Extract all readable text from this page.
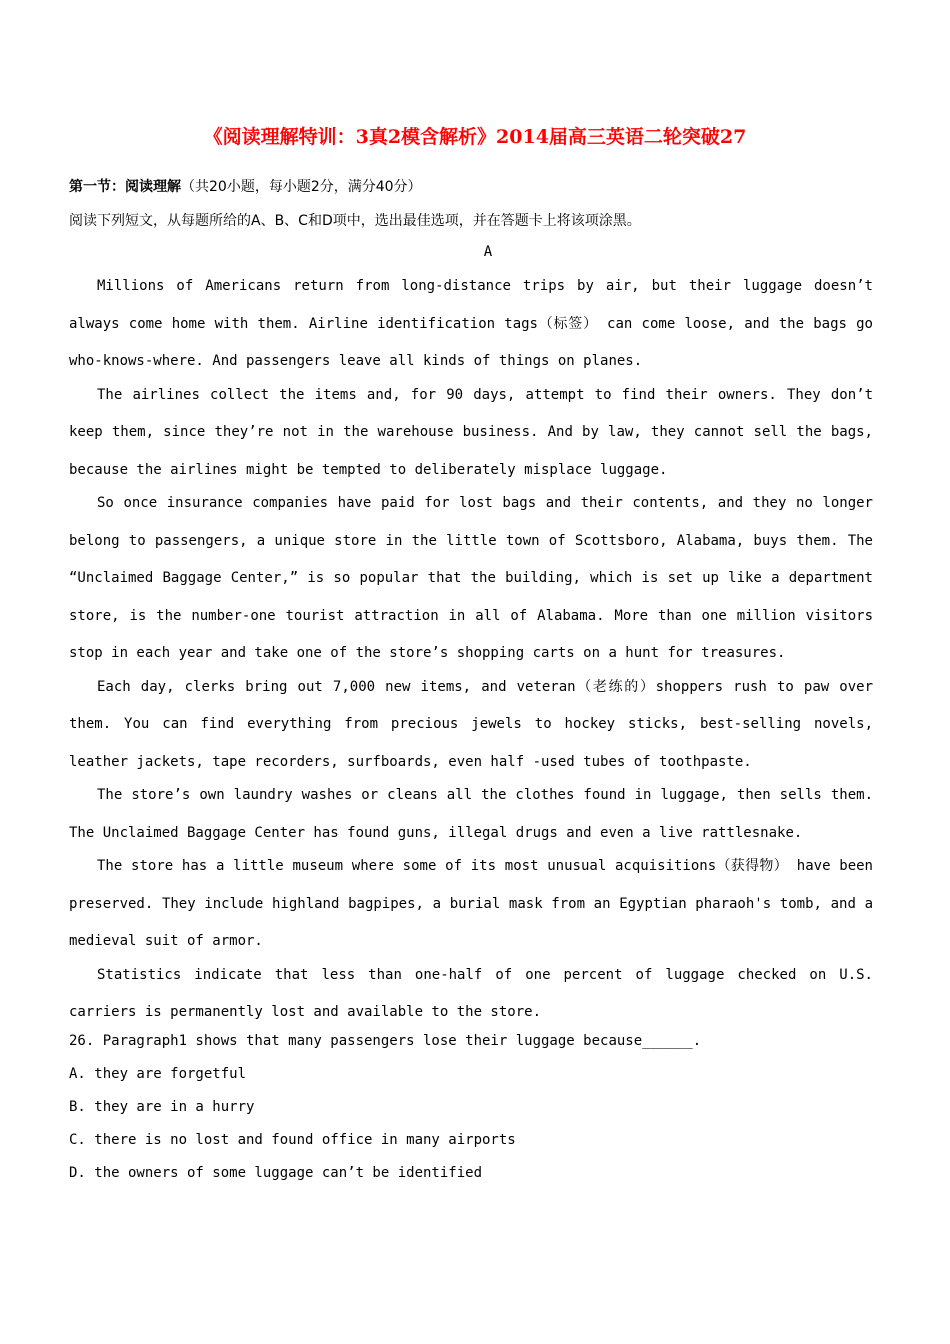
《阅读理解特训：3真2模含解析》2014届高三英语二轮突破27
第一节：阅读理解（共20小题，每小题2分，满分40分）
阅读下列短文，从每题所给的A、B、C和D项中，选出最佳选项，并在答题卡上将该项涂黑。
A

Millions of Americans return from long-distance trips by air, but their luggage doesn’t always come home with them. Airline identification tags（标签） can come loose, and the bags go who-knows-where. And passengers leave all kinds of things on planes.

The airlines collect the items and, for 90 days, attempt to find their owners. They don’t keep them, since they’re not in the warehouse business. And by law, they cannot sell the bags, because the airlines might be tempted to deliberately misplace luggage.

So once insurance companies have paid for lost bags and their contents, and they no longer belong to passengers, a unique store in the little town of Scottsboro, Alabama, buys them. The “Unclaimed Baggage Center,” is so popular that the building, which is set up like a department store, is the number-one tourist attraction in all of Alabama. More than one million visitors stop in each year and take one of the store’s shopping carts on a hunt for treasures.

Each day, clerks bring out 7,000 new items, and veteran（老练的）shoppers rush to paw over them. You can find everything from precious jewels to hockey sticks, best-selling novels, leather jackets, tape recorders, surfboards, even half -used tubes of toothpaste.

The store’s own laundry washes or cleans all the clothes found in luggage, then sells them. The Unclaimed Baggage Center has found guns, illegal drugs and even a live rattlesnake.

The store has a little museum where some of its most unusual acquisitions（获得物） have been preserved. They include highland bagpipes, a burial mask from an Egyptian pharaoh's tomb, and a medieval suit of armor.

Statistics indicate that less than one-half of one percent of luggage checked on U.S. carriers is permanently lost and available to the store.

26. Paragraph1 shows that many passengers lose their luggage because______.
A. they are forgetful
B. they are in a hurry
C. there is no lost and found office in many airports
D. the owners of some luggage can’t be identified
